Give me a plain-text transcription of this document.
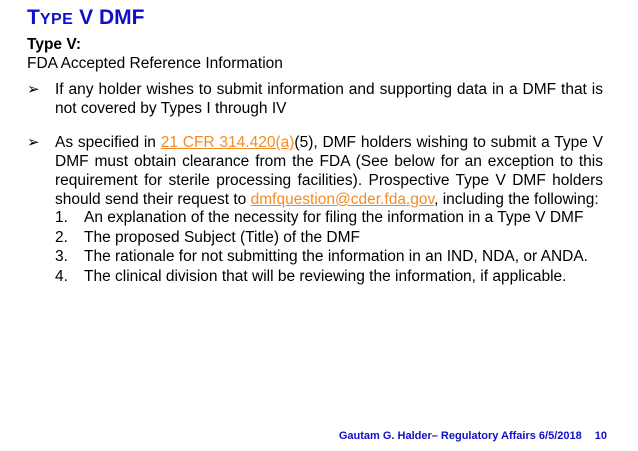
TYPE V DMF
Type V:
FDA Accepted Reference Information
➢ If any holder wishes to submit information and supporting data in a DMF that is not covered by Types I through IV
➢ As specified in 21 CFR 314.420(a)(5), DMF holders wishing to submit a Type V DMF must obtain clearance from the FDA (See below for an exception to this requirement for sterile processing facilities). Prospective Type V DMF holders should send their request to dmfquestion@cder.fda.gov, including the following:
1.	An explanation of the necessity for filing the information in a Type V DMF
2.	The proposed Subject (Title) of the DMF
3.	The rationale for not submitting the information in an IND, NDA, or ANDA.
4.	The clinical division that will be reviewing the information, if applicable.
Gautam G. Halder– Regulatory Affairs 6/5/2018 10
